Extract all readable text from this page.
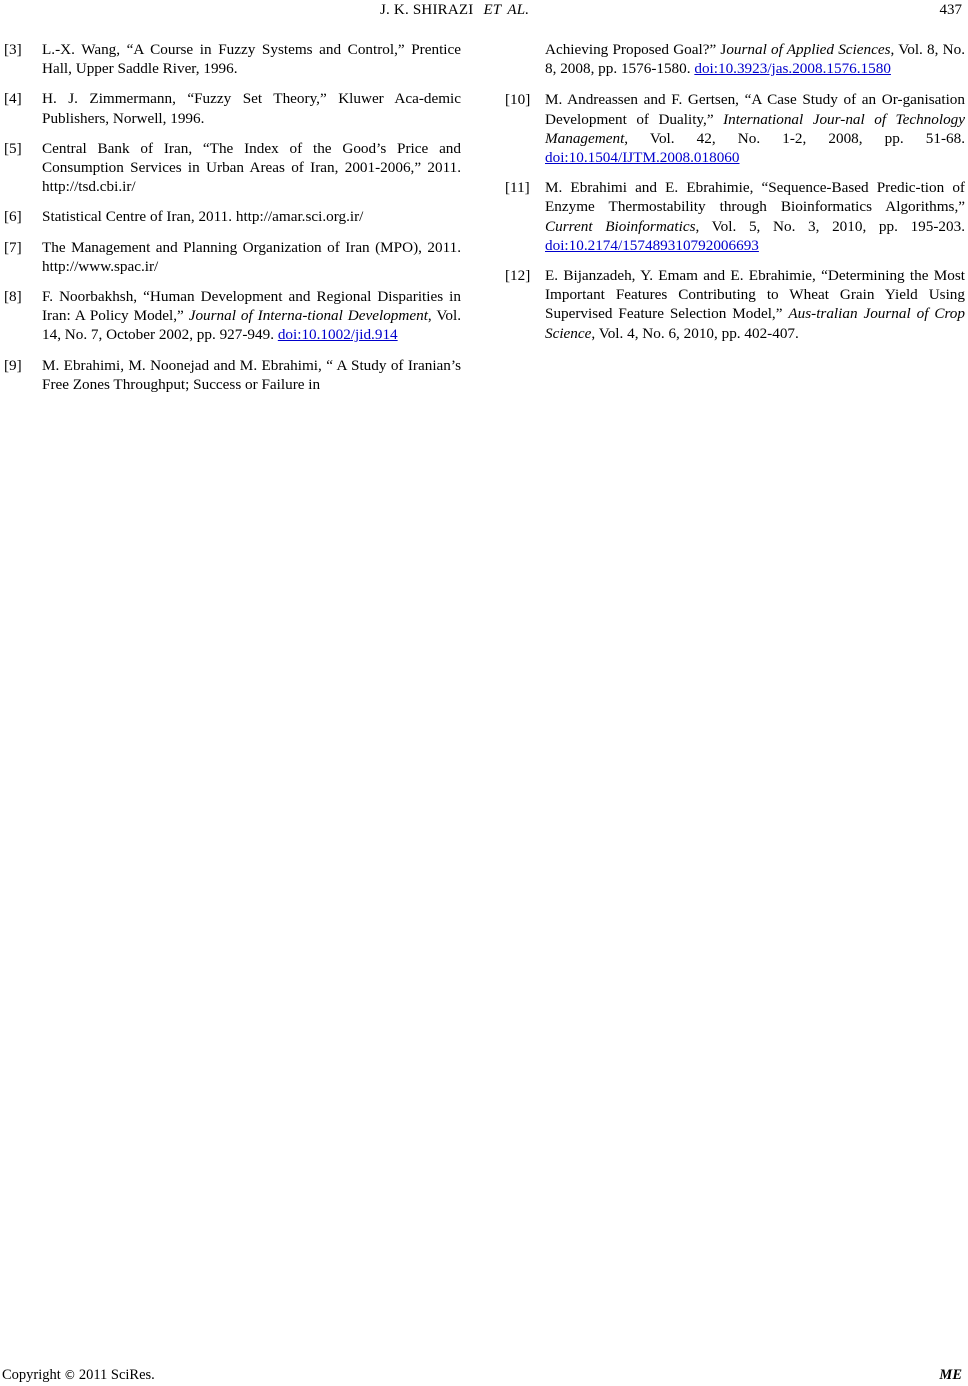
J. K. SHIRAZI ET AL.	437
[3] L.-X. Wang, “A Course in Fuzzy Systems and Control,” Prentice Hall, Upper Saddle River, 1996.
[4] H. J. Zimmermann, “Fuzzy Set Theory,” Kluwer Aca-demic Publishers, Norwell, 1996.
[5] Central Bank of Iran, “The Index of the Good’s Price and Consumption Services in Urban Areas of Iran, 2001-2006,” 2011. http://tsd.cbi.ir/
[6] Statistical Centre of Iran, 2011. http://amar.sci.org.ir/
[7] The Management and Planning Organization of Iran (MPO), 2011. http://www.spac.ir/
[8] F. Noorbakhsh, “Human Development and Regional Disparities in Iran: A Policy Model,” Journal of Interna-tional Development, Vol. 14, No. 7, October 2002, pp. 927-949. doi:10.1002/jid.914
[9] M. Ebrahimi, M. Noonejad and M. Ebrahimi, “ A Study of Iranian’s Free Zones Throughput; Success or Failure in
Achieving Proposed Goal?” Journal of Applied Sciences, Vol. 8, No. 8, 2008, pp. 1576-1580. doi:10.3923/jas.2008.1576.1580
[10] M. Andreassen and F. Gertsen, “A Case Study of an Or-ganisation Development of Duality,” International Jour-nal of Technology Management, Vol. 42, No. 1-2, 2008, pp. 51-68. doi:10.1504/IJTM.2008.018060
[11] M. Ebrahimi and E. Ebrahimie, “Sequence-Based Predic-tion of Enzyme Thermostability through Bioinformatics Algorithms,” Current Bioinformatics, Vol. 5, No. 3, 2010, pp. 195-203. doi:10.2174/157489310792006693
[12] E. Bijanzadeh, Y. Emam and E. Ebrahimie, “Determining the Most Important Features Contributing to Wheat Grain Yield Using Supervised Feature Selection Model,” Aus-tralian Journal of Crop Science, Vol. 4, No. 6, 2010, pp. 402-407.
Copyright © 2011 SciRes.	ME
